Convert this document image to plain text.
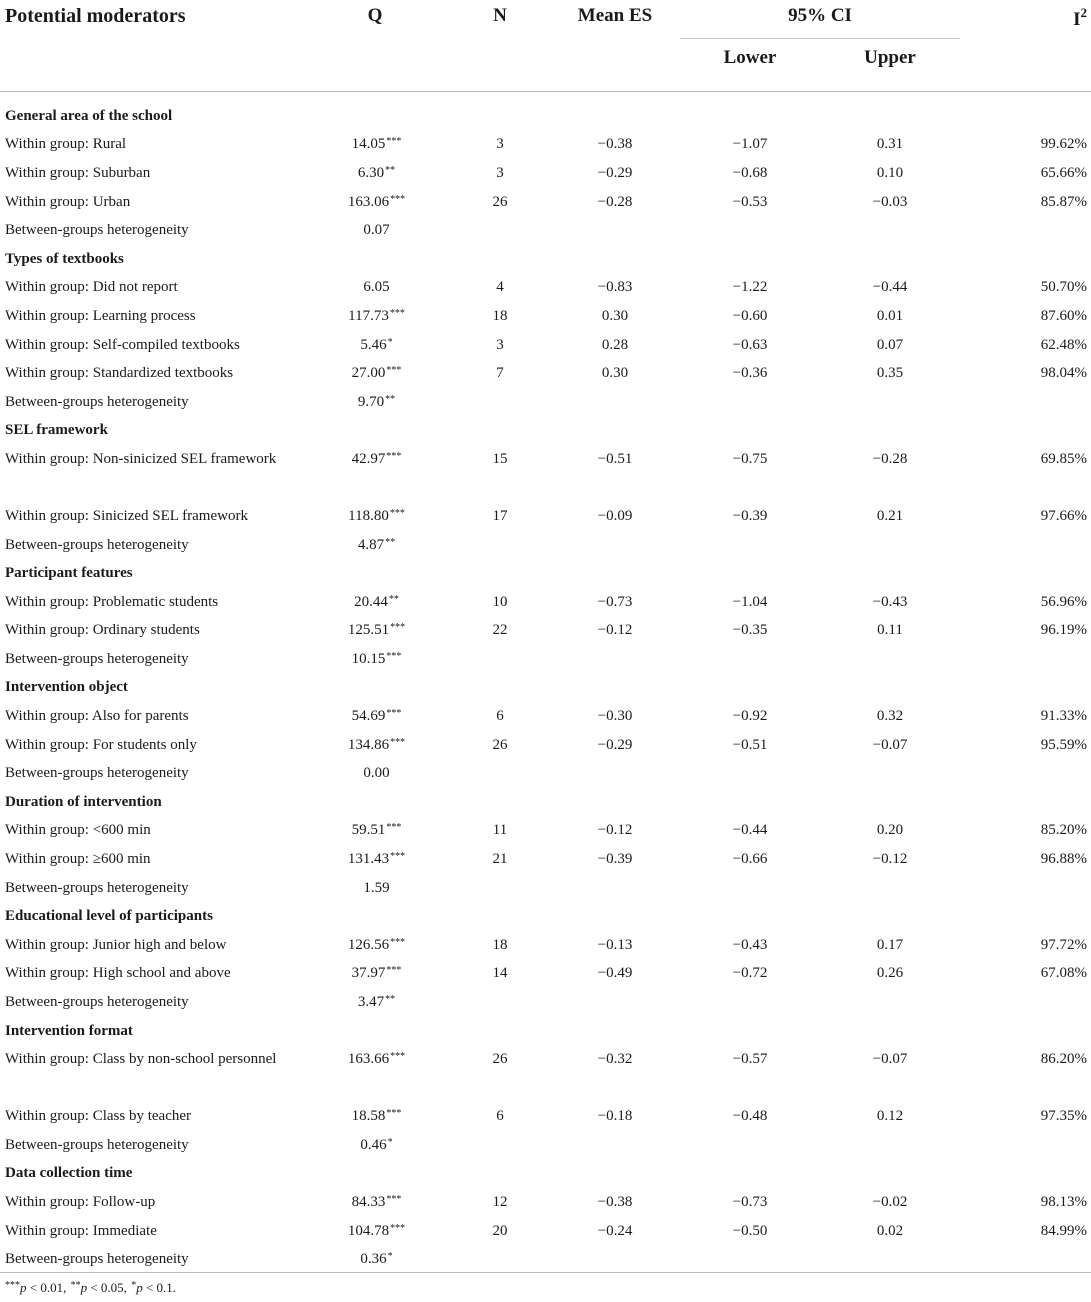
Potential moderators	Q	N	Mean ES	95% CI		$I^2$
				Lower	Upper	

General area of the school						
Within group: Rural	14.05***	3	−0.38	−1.07	0.31	99.62%
Within group: Suburban	6.30**	3	−0.29	−0.68	0.10	65.66%
Within group: Urban	163.06***	26	−0.28	−0.53	−0.03	85.87%
Between-groups heterogeneity	0.07					
Types of textbooks						
Within group: Did not report	6.05	4	−0.83	−1.22	−0.44	50.70%
Within group: Learning process	117.73***	18	0.30	−0.60	0.01	87.60%
Within group: Self-compiled textbooks	5.46*	3	0.28	−0.63	0.07	62.48%
Within group: Standardized textbooks	27.00***	7	0.30	−0.36	0.35	98.04%
Between-groups heterogeneity	9.70**					
SEL framework						
Within group: Non-sinicized SEL framework	42.97***	15	−0.51	−0.75	−0.28	69.85%
Within group: Sinicized SEL framework	118.80***	17	−0.09	−0.39	0.21	97.66%
Between-groups heterogeneity	4.87**					
Participant features						
Within group: Problematic students	20.44**	10	−0.73	−1.04	−0.43	56.96%
Within group: Ordinary students	125.51***	22	−0.12	−0.35	0.11	96.19%
Between-groups heterogeneity	10.15***					
Intervention object						
Within group: Also for parents	54.69***	6	−0.30	−0.92	0.32	91.33%
Within group: For students only	134.86***	26	−0.29	−0.51	−0.07	95.59%
Between-groups heterogeneity	0.00					
Duration of intervention						
Within group: <600 min	59.51***	11	−0.12	−0.44	0.20	85.20%
Within group: ≥600 min	131.43***	21	−0.39	−0.66	−0.12	96.88%
Between-groups heterogeneity	1.59					
Educational level of participants						
Within group: Junior high and below	126.56***	18	−0.13	−0.43	0.17	97.72%
Within group: High school and above	37.97***	14	−0.49	−0.72	0.26	67.08%
Between-groups heterogeneity	3.47**					
Intervention format						
Within group: Class by non-school personnel	163.66***	26	−0.32	−0.57	−0.07	86.20%
Within group: Class by teacher	18.58***	6	−0.18	−0.48	0.12	97.35%
Between-groups heterogeneity	0.46*					
Data collection time						
Within group: Follow-up	84.33***	12	−0.38	−0.73	−0.02	98.13%
Within group: Immediate	104.78***	20	−0.24	−0.50	0.02	84.99%
Between-groups heterogeneity	0.36*					
***p < 0.01, **p < 0.05, *p < 0.1.
